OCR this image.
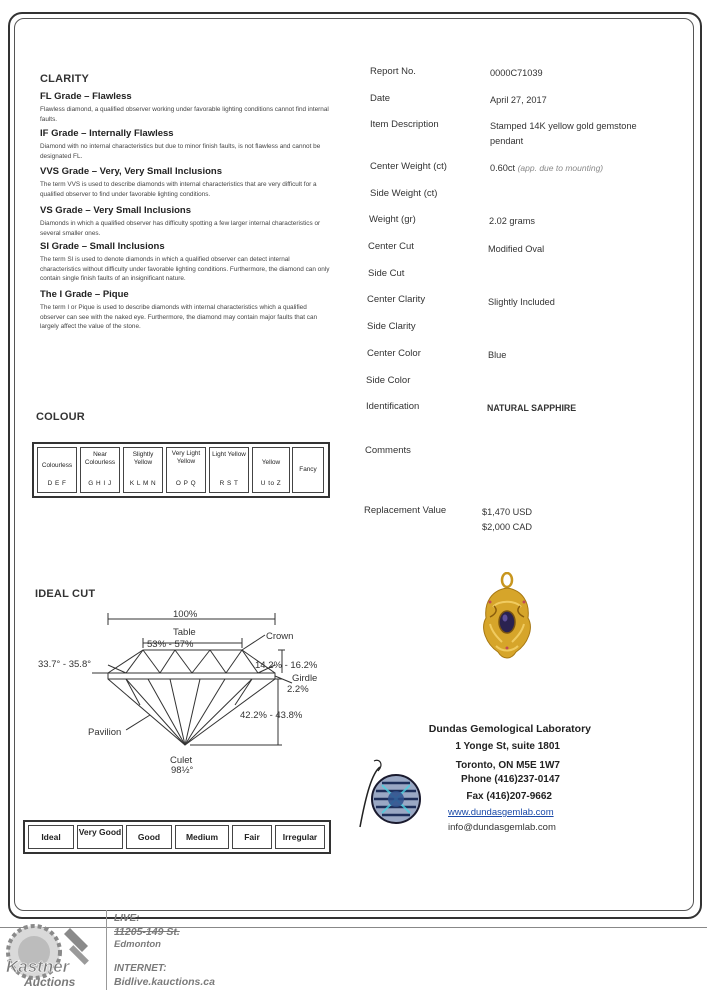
CLARITY
FL Grade – Flawless
Flawless diamond, a qualified observer working under favorable lighting conditions cannot find internal faults.
IF Grade – Internally Flawless
Diamond with no internal characteristics but due to minor finish faults, is not flawless and cannot be designated FL.
VVS Grade – Very, Very Small Inclusions
The term VVS is used to describe diamonds with internal characteristics that are very difficult for a qualified observer to find under favorable lighting conditions.
VS Grade – Very Small Inclusions
Diamonds in which a qualified observer has difficulty spotting a few larger internal characteristics or several smaller ones.
SI Grade – Small Inclusions
The term SI is used to denote diamonds in which a qualified observer can detect internal characteristics without difficulty under favorable lighting conditions. Furthermore, the diamond can only contain single finish faults of an insignificant nature.
The I Grade – Pique
The term I or Pique is used to describe diamonds with internal characteristics which a qualified observer can see with the naked eye. Furthermore, the diamond may contain major faults that can largely affect the value of the stone.
COLOUR
Colourless
D E F
Near Colourless
G H I J
Slightly Yellow
K L M N
Very Light Yellow
O P Q
Light Yellow
R S T
Yellow
U to Z
Fancy
IDEAL CUT
100%
Table
53% - 57%
Crown
33.7° - 35.8°	14.2% - 16.2%
Girdle
2.2%
Pavilion
42.2% - 43.8%
Culet
98½°
Ideal	Very Good	Good	Medium	Fair	Irregular
Report No.	0000C71039
Date	April 27, 2017
Item Description	Stamped 14K yellow gold gemstone pendant
Center Weight (ct)	0.60ct (app. due to mounting)
Side Weight (ct)
Weight (gr)	2.02 grams
Center Cut	Modified Oval
Side Cut
Center Clarity	Slightly Included
Side Clarity
Center Color	Blue
Side Color
Identification	NATURAL SAPPHIRE
Comments
Replacement Value	$1,470 USD
$2,000 CAD
Dundas Gemological Laboratory
1 Yonge St, suite 1801
Toronto, ON M5E 1W7
Phone (416)237-0147
Fax (416)207-9662
www.dundasgemlab.com
info@dundasgemlab.com
Kastner
Auctions
LIVE:
11205-149 St.
Edmonton
INTERNET:
Bidlive.kauctions.ca
